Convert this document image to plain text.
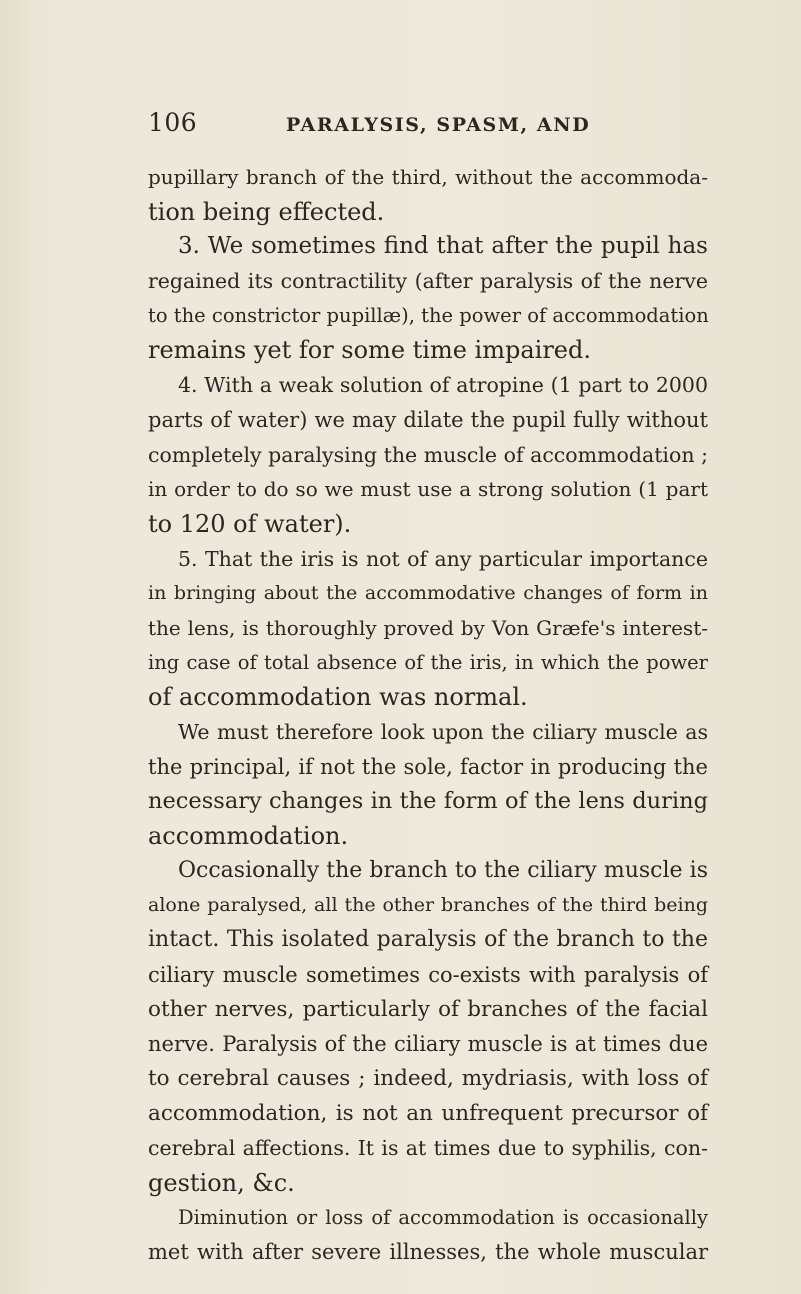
106	PARALYSIS, SPASM, AND
pupillary branch of the third, without the accommoda-
tion being effected.
3. We sometimes find that after the pupil has
regained its contractility (after paralysis of the nerve
to the constrictor pupillæ), the power of accommodation
remains yet for some time impaired.
4. With a weak solution of atropine (1 part to 2000
parts of water) we may dilate the pupil fully without
completely paralysing the muscle of accommodation ;
in order to do so we must use a strong solution (1 part
to 120 of water).
5. That the iris is not of any particular importance
in bringing about the accommodative changes of form in
the lens, is thoroughly proved by Von Græfe's interest-
ing case of total absence of the iris, in which the power
of accommodation was normal.
We must therefore look upon the ciliary muscle as
the principal, if not the sole, factor in producing the
necessary changes in the form of the lens during
accommodation.
Occasionally the branch to the ciliary muscle is
alone paralysed, all the other branches of the third being
intact. This isolated paralysis of the branch to the
ciliary muscle sometimes co-exists with paralysis of
other nerves, particularly of branches of the facial
nerve. Paralysis of the ciliary muscle is at times due
to cerebral causes ; indeed, mydriasis, with loss of
accommodation, is not an unfrequent precursor of
cerebral affections. It is at times due to syphilis, con-
gestion, &c.
Diminution or loss of accommodation is occasionally
met with after severe illnesses, the whole muscular
